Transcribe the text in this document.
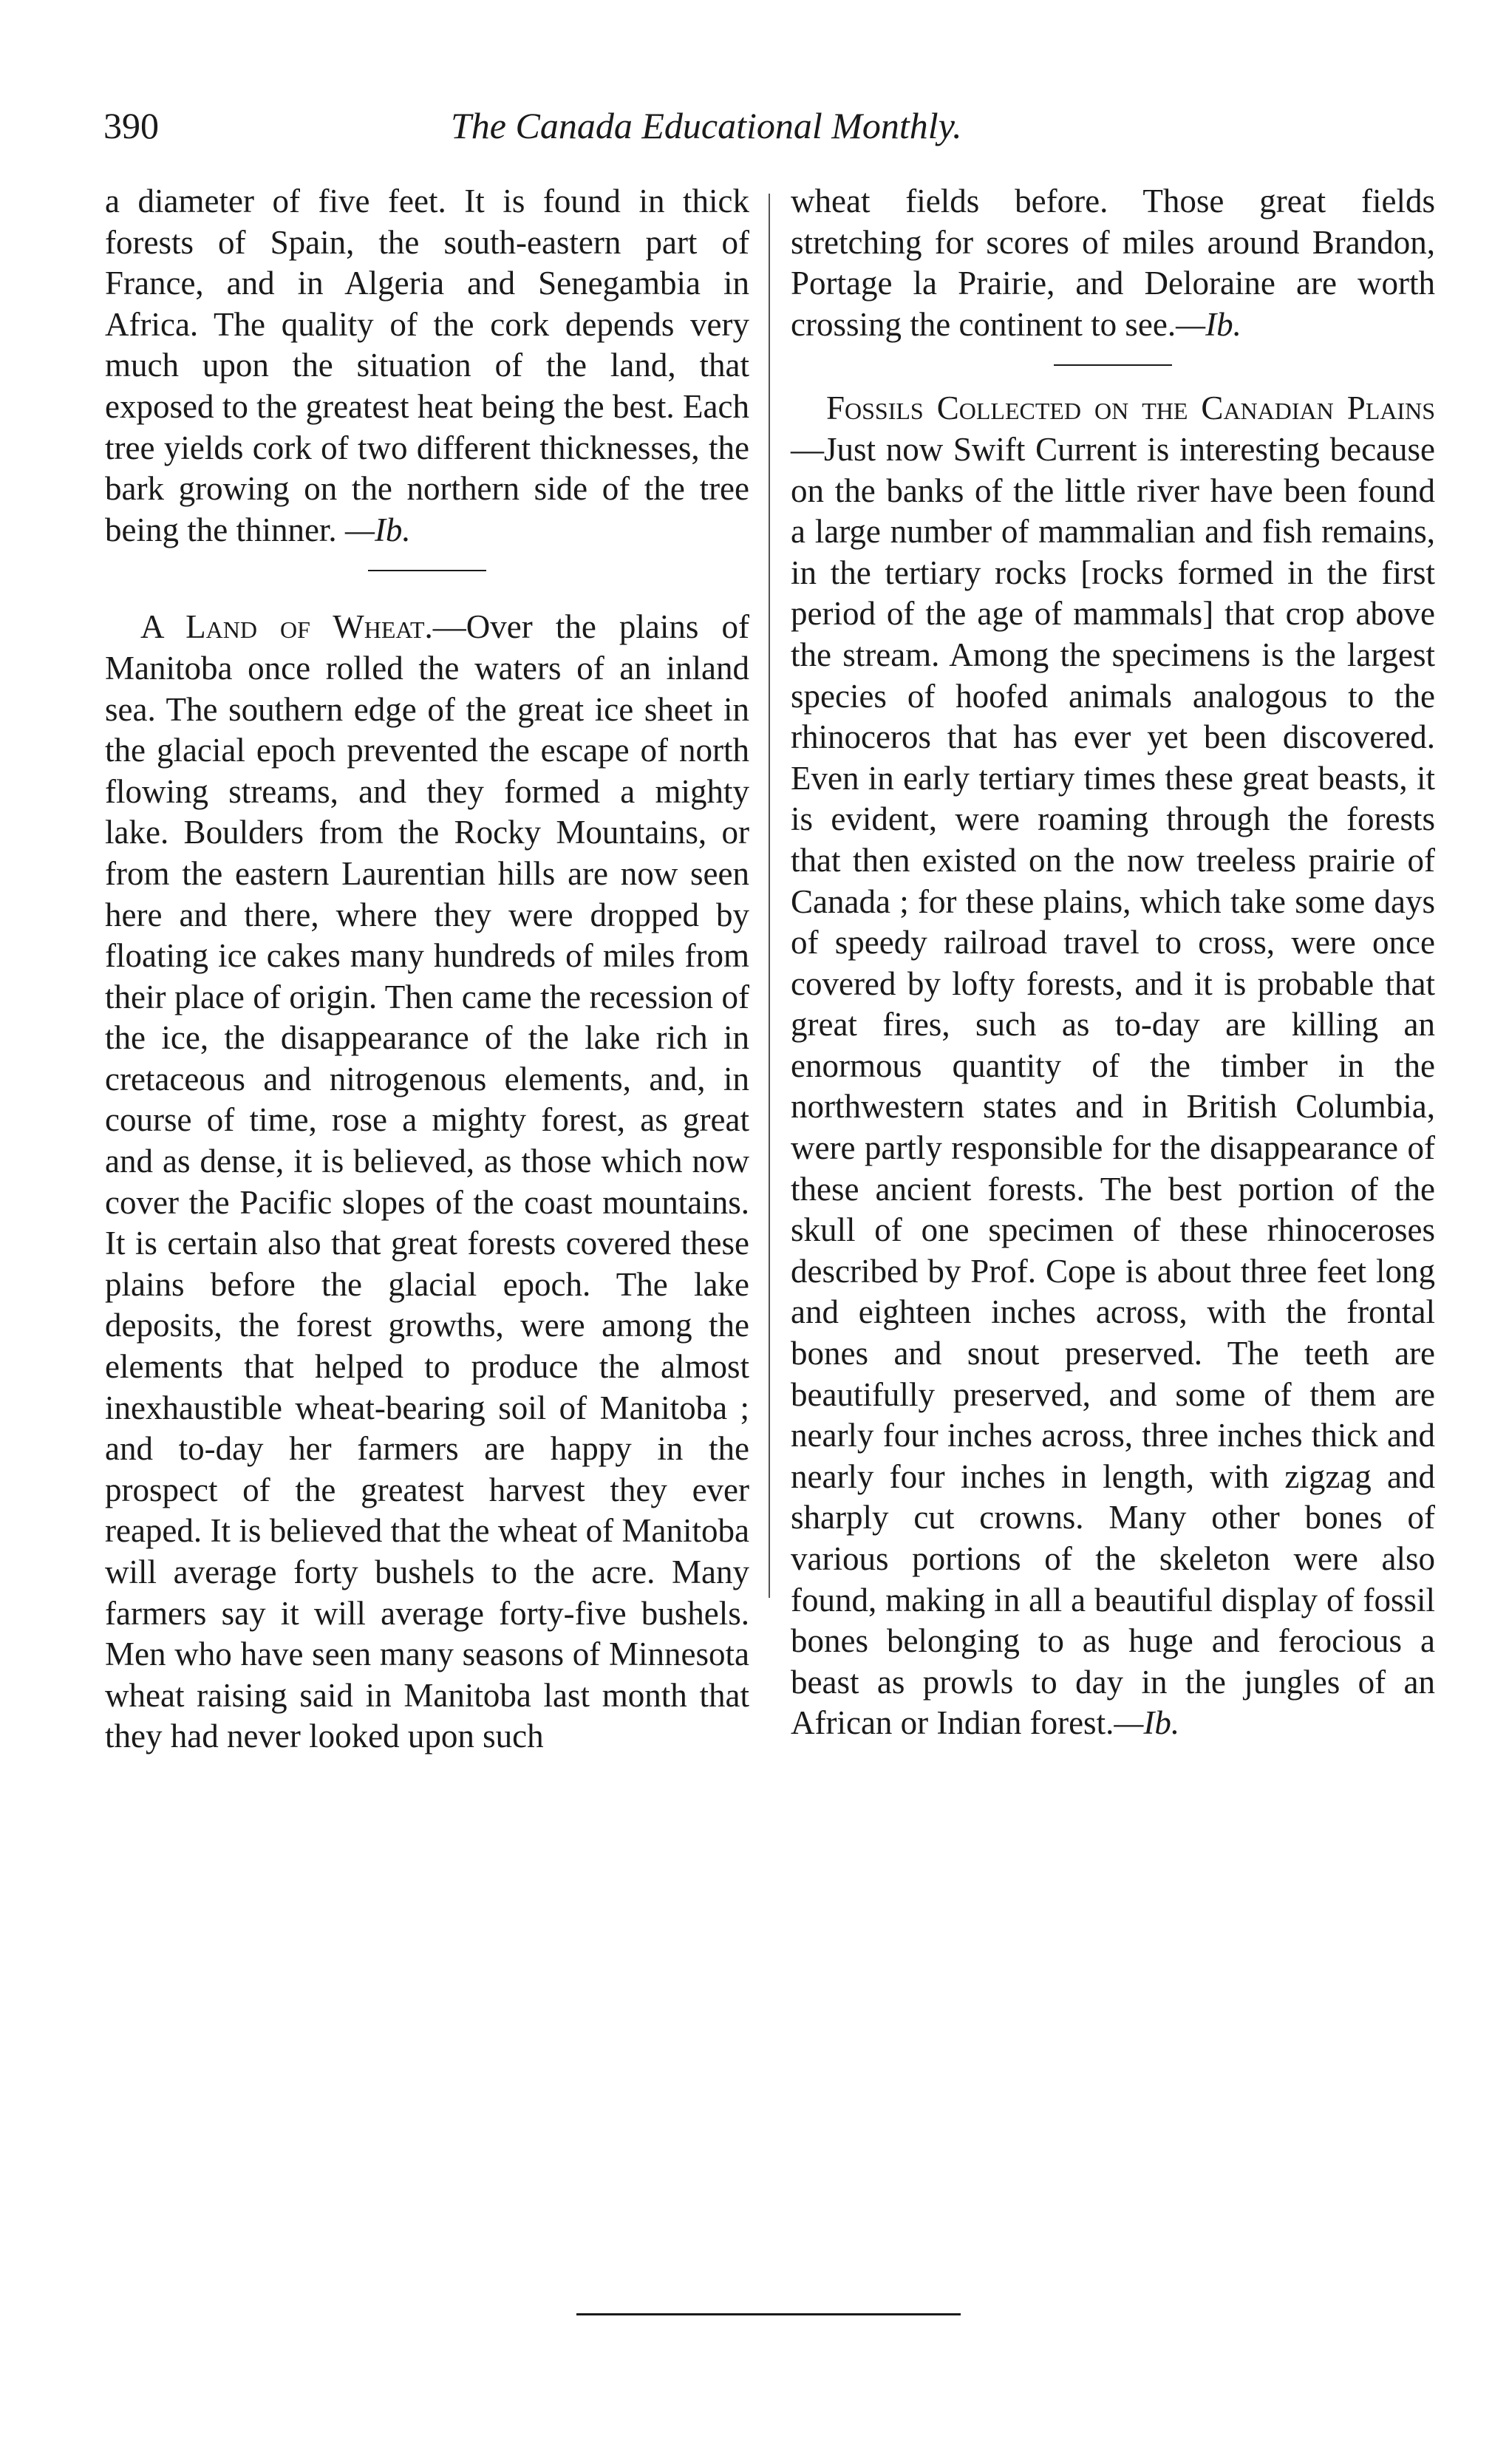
390	The Canada Educational Monthly.

a diameter of five feet. It is found in thick forests of Spain, the south-eastern part of France, and in Algeria and Senegambia in Africa. The quality of the cork depends very much upon the situation of the land, that exposed to the greatest heat being the best. Each tree yields cork of two different thicknesses, the bark growing on the northern side of the tree being the thinner. —Ib.

A Land of Wheat.—Over the plains of Manitoba once rolled the waters of an inland sea. The southern edge of the great ice sheet in the glacial epoch prevented the escape of north flowing streams, and they formed a mighty lake. Boulders from the Rocky Mountains, or from the eastern Laurentian hills are now seen here and there, where they were dropped by floating ice cakes many hundreds of miles from their place of origin. Then came the recession of the ice, the disappearance of the lake rich in cretaceous and nitrogenous elements, and, in course of time, rose a mighty forest, as great and as dense, it is believed, as those which now cover the Pacific slopes of the coast mountains. It is certain also that great forests covered these plains before the glacial epoch. The lake deposits, the forest growths, were among the elements that helped to produce the almost inexhaustible wheat-bearing soil of Manitoba ; and to-day her farmers are happy in the prospect of the greatest harvest they ever reaped. It is believed that the wheat of Manitoba will average forty bushels to the acre. Many farmers say it will average forty-five bushels. Men who have seen many seasons of Minnesota wheat raising said in Manitoba last month that they had never looked upon such

wheat fields before. Those great fields stretching for scores of miles around Brandon, Portage la Prairie, and Deloraine are worth crossing the continent to see.—Ib.

Fossils Collected on the Canadian Plains—Just now Swift Current is interesting because on the banks of the little river have been found a large number of mammalian and fish remains, in the tertiary rocks [rocks formed in the first period of the age of mammals] that crop above the stream. Among the specimens is the largest species of hoofed animals analogous to the rhinoceros that has ever yet been discovered. Even in early tertiary times these great beasts, it is evident, were roaming through the forests that then existed on the now treeless prairie of Canada ; for these plains, which take some days of speedy railroad travel to cross, were once covered by lofty forests, and it is probable that great fires, such as to-day are killing an enormous quantity of the timber in the northwestern states and in British Columbia, were partly responsible for the disappearance of these ancient forests. The best portion of the skull of one specimen of these rhinoceroses described by Prof. Cope is about three feet long and eighteen inches across, with the frontal bones and snout preserved. The teeth are beautifully preserved, and some of them are nearly four inches across, three inches thick and nearly four inches in length, with zigzag and sharply cut crowns. Many other bones of various portions of the skeleton were also found, making in all a beautiful display of fossil bones belonging to as huge and ferocious a beast as prowls to day in the jungles of an African or Indian forest.—Ib.
